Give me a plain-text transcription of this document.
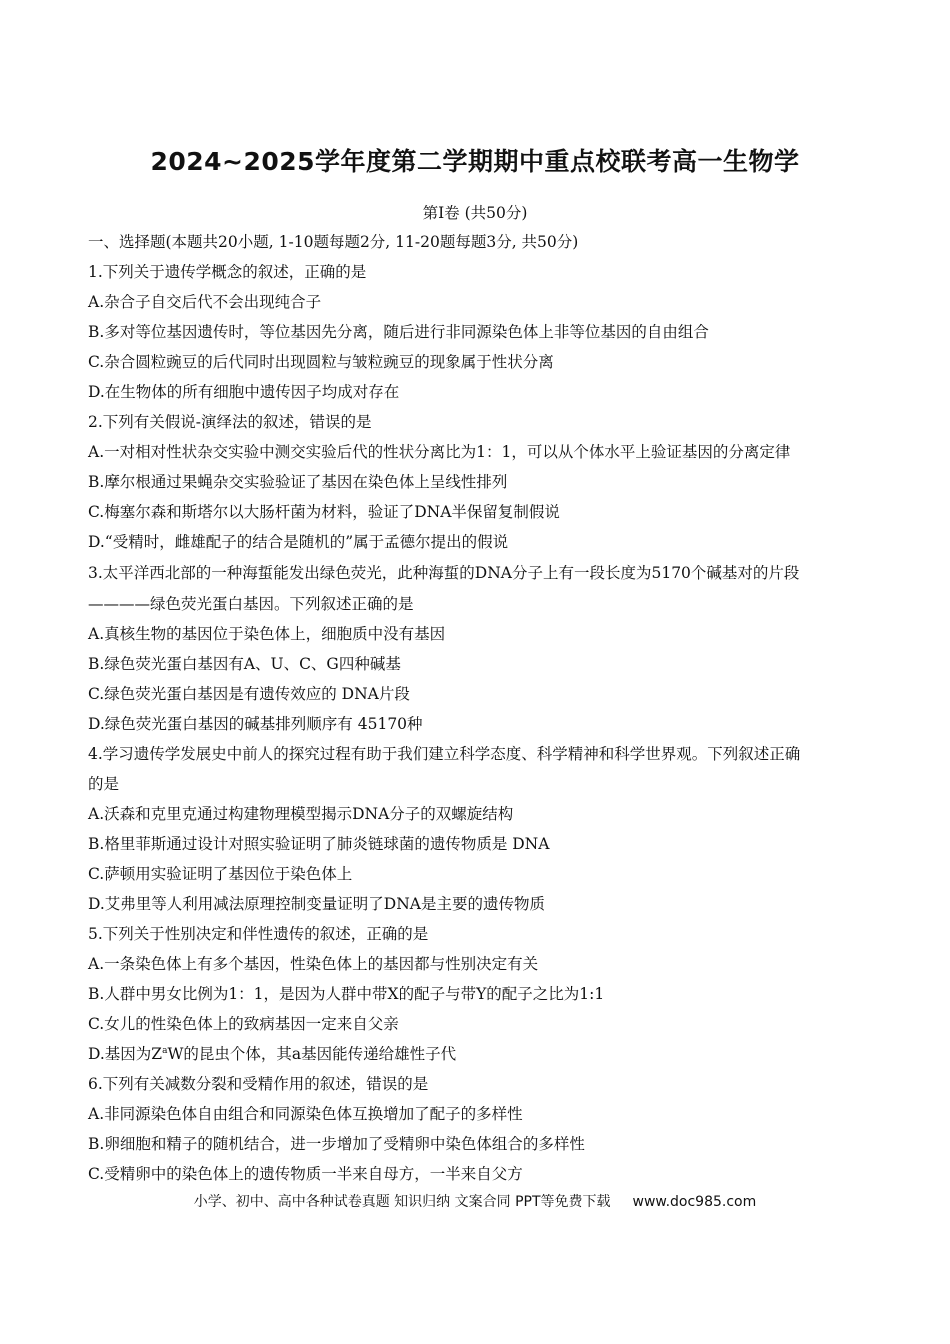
2024~2025学年度第二学期期中重点校联考高一生物学
第Ⅰ卷 (共50分)
一、选择题(本题共20小题, 1-10题每题2分, 11-20题每题3分, 共50分)
1.下列关于遗传学概念的叙述，正确的是
A.杂合子自交后代不会出现纯合子
B.多对等位基因遗传时，等位基因先分离，随后进行非同源染色体上非等位基因的自由组合
C.杂合圆粒豌豆的后代同时出现圆粒与皱粒豌豆的现象属于性状分离
D.在生物体的所有细胞中遗传因子均成对存在
2.下列有关假说-演绎法的叙述，错误的是
A.一对相对性状杂交实验中测交实验后代的性状分离比为1：1，可以从个体水平上验证基因的分离定律
B.摩尔根通过果蝇杂交实验验证了基因在染色体上呈线性排列
C.梅塞尔森和斯塔尔以大肠杆菌为材料，验证了DNA半保留复制假说
D.“受精时，雌雄配子的结合是随机的”属于孟德尔提出的假说
3.太平洋西北部的一种海蜇能发出绿色荧光，此种海蜇的DNA分子上有一段长度为5170个碱基对的片段
————绿色荧光蛋白基因。下列叙述正确的是
A.真核生物的基因位于染色体上，细胞质中没有基因
B.绿色荧光蛋白基因有A、U、C、G四种碱基
C.绿色荧光蛋白基因是有遗传效应的 DNA片段
D.绿色荧光蛋白基因的碱基排列顺序有 45170种
4.学习遗传学发展史中前人的探究过程有助于我们建立科学态度、科学精神和科学世界观。下列叙述正确
的是
A.沃森和克里克通过构建物理模型揭示DNA分子的双螺旋结构
B.格里菲斯通过设计对照实验证明了肺炎链球菌的遗传物质是 DNA
C.萨顿用实验证明了基因位于染色体上
D.艾弗里等人利用减法原理控制变量证明了DNA是主要的遗传物质
5.下列关于性别决定和伴性遗传的叙述，正确的是
A.一条染色体上有多个基因，性染色体上的基因都与性别决定有关
B.人群中男女比例为1：1，是因为人群中带X的配子与带Y的配子之比为1:1
C.女儿的性染色体上的致病基因一定来自父亲
D.基因为$Z^aW$的昆虫个体，其a基因能传递给雄性子代
6.下列有关减数分裂和受精作用的叙述，错误的是
A.非同源染色体自由组合和同源染色体互换增加了配子的多样性
B.卵细胞和精子的随机结合，进一步增加了受精卵中染色体组合的多样性
C.受精卵中的染色体上的遗传物质一半来自母方，一半来自父方
小学、初中、高中各种试卷真题 知识归纳 文案合同 PPT等免费下载 www.doc985.com
